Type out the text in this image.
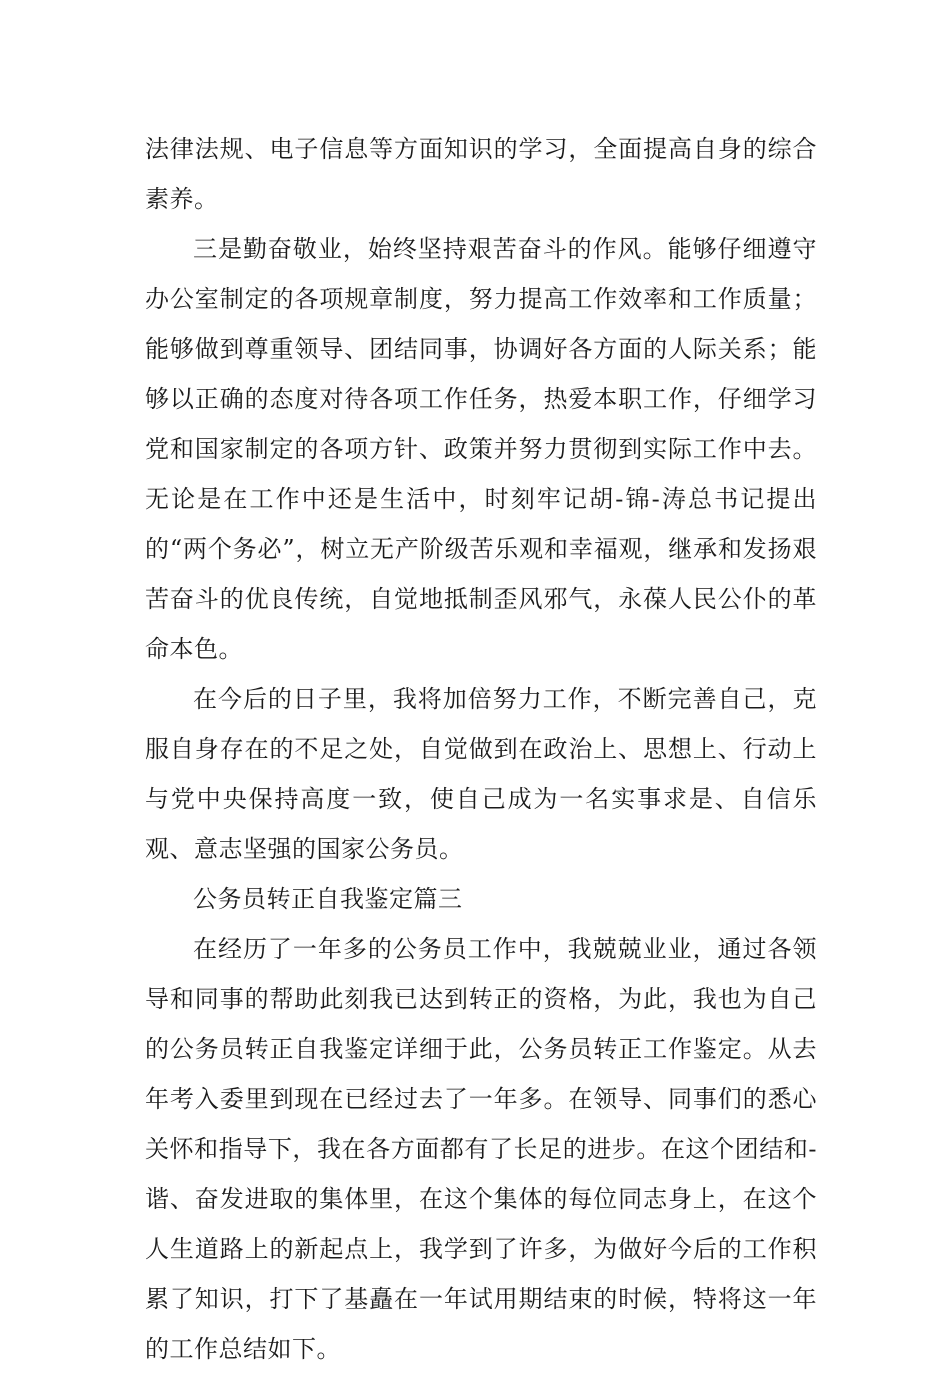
法律法规、电子信息等方面知识的学习，全面提高自身的综合素养。

三是勤奋敬业，始终坚持艰苦奋斗的作风。能够仔细遵守办公室制定的各项规章制度，努力提高工作效率和工作质量；能够做到尊重领导、团结同事，协调好各方面的人际关系；能够以正确的态度对待各项工作任务，热爱本职工作，仔细学习党和国家制定的各项方针、政策并努力贯彻到实际工作中去。无论是在工作中还是生活中，时刻牢记胡-锦-涛总书记提出的“两个务必”，树立无产阶级苦乐观和幸福观，继承和发扬艰苦奋斗的优良传统，自觉地抵制歪风邪气，永葆人民公仆的革命本色。

在今后的日子里，我将加倍努力工作，不断完善自己，克服自身存在的不足之处，自觉做到在政治上、思想上、行动上与党中央保持高度一致，使自己成为一名实事求是、自信乐观、意志坚强的国家公务员。

公务员转正自我鉴定篇三

在经历了一年多的公务员工作中，我兢兢业业，通过各领导和同事的帮助此刻我已达到转正的资格，为此，我也为自己的公务员转正自我鉴定详细于此，公务员转正工作鉴定。从去年考入委里到现在已经过去了一年多。在领导、同事们的悉心关怀和指导下，我在各方面都有了长足的进步。在这个团结和-谐、奋发进取的集体里，在这个集体的每位同志身上，在这个人生道路上的新起点上，我学到了许多，为做好今后的工作积累了知识，打下了基矗在一年试用期结束的时候，特将这一年的工作总结如下。
